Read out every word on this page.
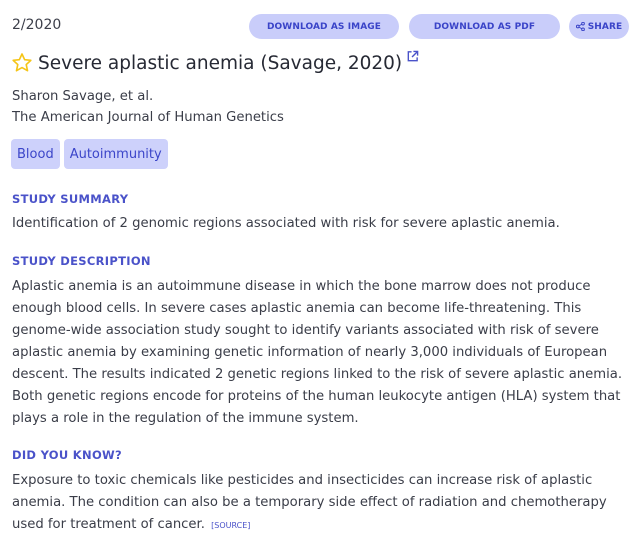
2/2020	DOWNLOAD AS IMAGE	DOWNLOAD AS PDF	SHARE
Severe aplastic anemia (Savage, 2020)
Sharon Savage, et al.
The American Journal of Human Genetics
Blood	Autoimmunity
STUDY SUMMARY
Identification of 2 genomic regions associated with risk for severe aplastic anemia.
STUDY DESCRIPTION
Aplastic anemia is an autoimmune disease in which the bone marrow does not produce
enough blood cells. In severe cases aplastic anemia can become life-threatening. This
genome-wide association study sought to identify variants associated with risk of severe
aplastic anemia by examining genetic information of nearly 3,000 individuals of European
descent. The results indicated 2 genetic regions linked to the risk of severe aplastic anemia.
Both genetic regions encode for proteins of the human leukocyte antigen (HLA) system that
plays a role in the regulation of the immune system.
DID YOU KNOW?
Exposure to toxic chemicals like pesticides and insecticides can increase risk of aplastic
anemia. The condition can also be a temporary side effect of radiation and chemotherapy
used for treatment of cancer. [SOURCE]
